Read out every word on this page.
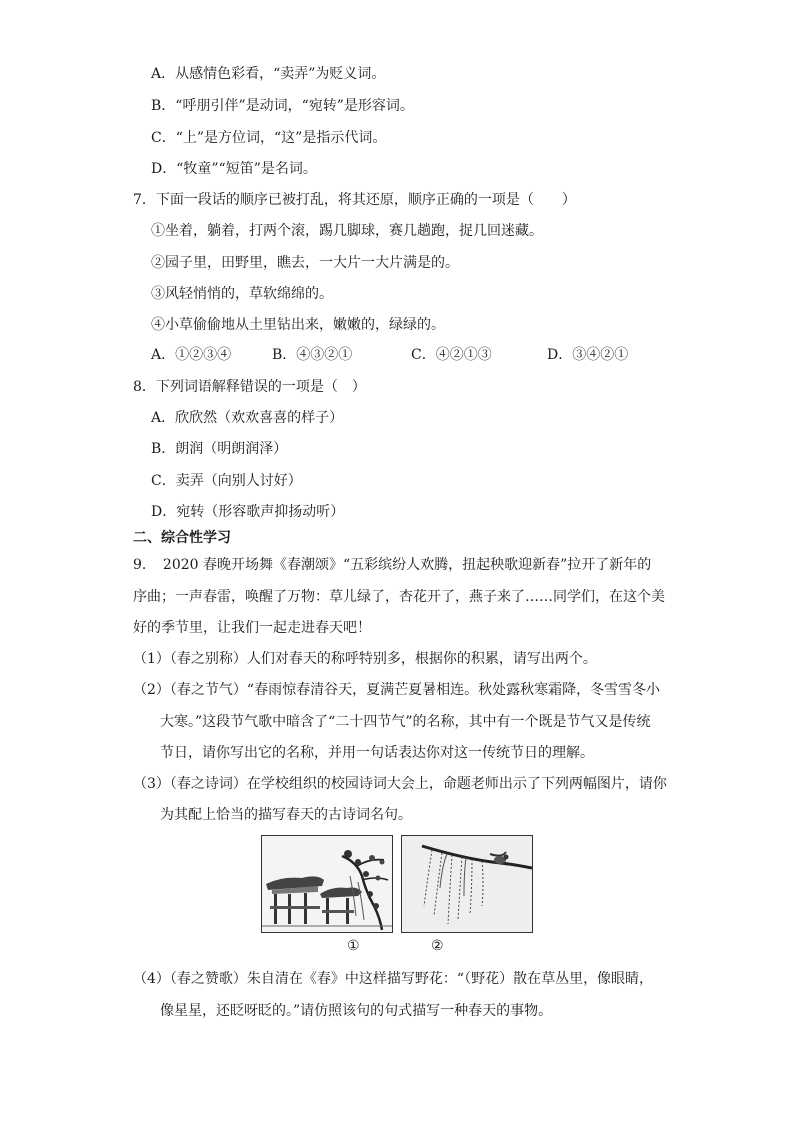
A．从感情色彩看，“卖弄”为贬义词。
B．“呼朋引伴”是动词，“宛转”是形容词。
C．“上”是方位词，“这”是指示代词。
D．“牧童”“短笛”是名词。
7．下面一段话的顺序已被打乱，将其还原，顺序正确的一项是（　　）
①坐着，躺着，打两个滚，踢几脚球，赛几趟跑，捉几回迷藏。
②园子里，田野里，瞧去，一大片一大片满是的。
③风轻悄悄的，草软绵绵的。
④小草偷偷地从土里钻出来，嫩嫩的，绿绿的。
A．①②③④	B．④③②①	C．④②①③	D．③④②①
8．下列词语解释错误的一项是（　）
A．欣欣然（欢欢喜喜的样子）
B．朗润（明朗润泽）
C．卖弄（向别人讨好）
D．宛转（形容歌声抑扬动听）
二、综合性学习
9．　2020 春晚开场舞《春潮颂》“五彩缤纷人欢腾，扭起秧歌迎新春”拉开了新年的
序曲；一声春雷，唤醒了万物：草儿绿了，杏花开了，燕子来了……同学们，在这个美
好的季节里，让我们一起走进春天吧！
（1）（春之别称）人们对春天的称呼特别多，根据你的积累，请写出两个。
（2）（春之节气）“春雨惊春清谷天，夏满芒夏暑相连。秋处露秋寒霜降，冬雪雪冬小
大寒。”这段节气歌中暗含了“二十四节气”的名称，其中有一个既是节气又是传统
节日，请你写出它的名称，并用一句话表达你对这一传统节日的理解。
（3）（春之诗词）在学校组织的校园诗词大会上，命题老师出示了下列两幅图片，请你
为其配上恰当的描写春天的古诗词名句。
①	②
（4）（春之赞歌）朱自清在《春》中这样描写野花：“（野花）散在草丛里，像眼睛，
像星星，还眨呀眨的。”请仿照该句的句式描写一种春天的事物。
